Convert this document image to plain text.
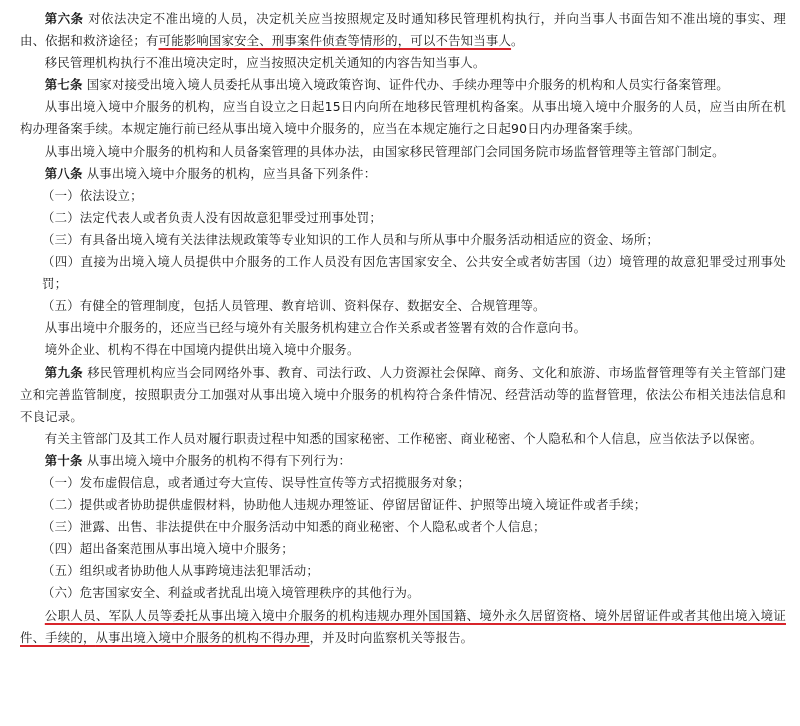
第六条 对依法决定不准出境的人员，决定机关应当按照规定及时通知移民管理机构执行，并向当事人书面告知不准出境的事实、理由、依据和救济途径；有可能影响国家安全、刑事案件侦查等情形的，可以不告知当事人。

移民管理机构执行不准出境决定时，应当按照决定机关通知的内容告知当事人。

第七条 国家对接受出境入境人员委托从事出境入境政策咨询、证件代办、手续办理等中介服务的机构和人员实行备案管理。

从事出境入境中介服务的机构，应当自设立之日起15日内向所在地移民管理机构备案。从事出境入境中介服务的人员，应当由所在机构办理备案手续。本规定施行前已经从事出境入境中介服务的，应当在本规定施行之日起90日内办理备案手续。

从事出境入境中介服务的机构和人员备案管理的具体办法，由国家移民管理部门会同国务院市场监督管理等主管部门制定。

第八条 从事出境入境中介服务的机构，应当具备下列条件：

（一）依法设立；

（二）法定代表人或者负责人没有因故意犯罪受过刑事处罚；

（三）有具备出境入境有关法律法规政策等专业知识的工作人员和与所从事中介服务活动相适应的资金、场所；

（四）直接为出境入境人员提供中介服务的工作人员没有因危害国家安全、公共安全或者妨害国（边）境管理的故意犯罪受过刑事处罚；

（五）有健全的管理制度，包括人员管理、教育培训、资料保存、数据安全、合规管理等。

从事出境中介服务的，还应当已经与境外有关服务机构建立合作关系或者签署有效的合作意向书。

境外企业、机构不得在中国境内提供出境入境中介服务。

第九条 移民管理机构应当会同网络外事、教育、司法行政、人力资源社会保障、商务、文化和旅游、市场监督管理等有关主管部门建立和完善监管制度，按照职责分工加强对从事出境入境中介服务的机构符合条件情况、经营活动等的监督管理，依法公布相关违法信息和不良记录。

有关主管部门及其工作人员对履行职责过程中知悉的国家秘密、工作秘密、商业秘密、个人隐私和个人信息，应当依法予以保密。

第十条 从事出境入境中介服务的机构不得有下列行为：

（一）发布虚假信息，或者通过夸大宣传、误导性宣传等方式招揽服务对象；

（二）提供或者协助提供虚假材料，协助他人违规办理签证、停留居留证件、护照等出境入境证件或者手续；

（三）泄露、出售、非法提供在中介服务活动中知悉的商业秘密、个人隐私或者个人信息；

（四）超出备案范围从事出境入境中介服务；

（五）组织或者协助他人从事跨境违法犯罪活动；

（六）危害国家安全、利益或者扰乱出境入境管理秩序的其他行为。

公职人员、军队人员等委托从事出境入境中介服务的机构违规办理外国国籍、境外永久居留资格、境外居留证件或者其他出境入境证件、手续的，从事出境入境中介服务的机构不得办理，并及时向监察机关等报告。
